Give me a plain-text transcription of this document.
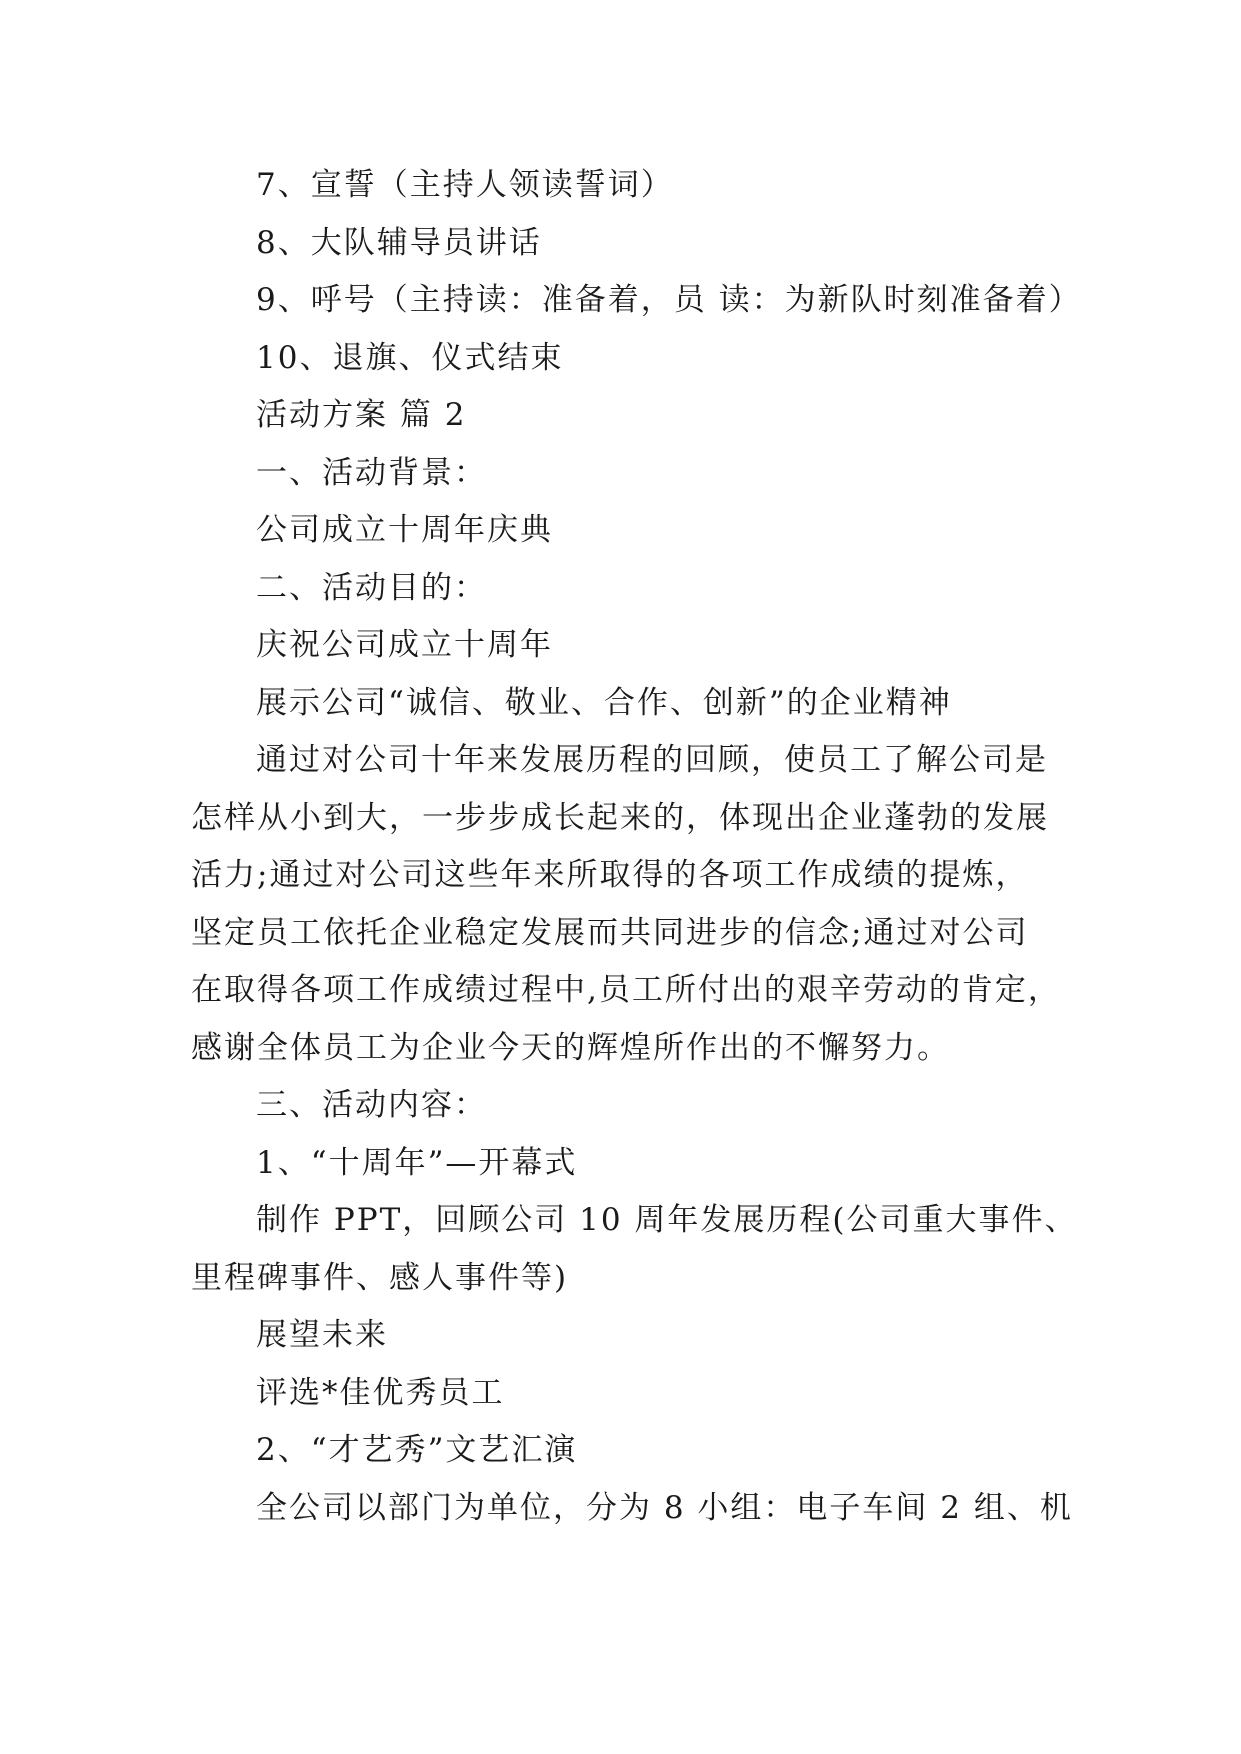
7、宣誓（主持人领读誓词）
8、大队辅导员讲话
9、呼号（主持读：准备着，员 读：为新队时刻准备着）
10、退旗、仪式结束
活动方案 篇 2
一、活动背景：
公司成立十周年庆典
二、活动目的：
庆祝公司成立十周年
展示公司“诚信、敬业、合作、创新”的企业精神
通过对公司十年来发展历程的回顾，使员工了解公司是
怎样从小到大，一步步成长起来的，体现出企业蓬勃的发展
活力;通过对公司这些年来所取得的各项工作成绩的提炼，
坚定员工依托企业稳定发展而共同进步的信念;通过对公司
在取得各项工作成绩过程中,员工所付出的艰辛劳动的肯定，
感谢全体员工为企业今天的辉煌所作出的不懈努力。
三、活动内容：
1、“十周年”—开幕式
制作 PPT，回顾公司 10 周年发展历程(公司重大事件、
里程碑事件、感人事件等)
展望未来
评选*佳优秀员工
2、“才艺秀”文艺汇演
全公司以部门为单位，分为 8 小组：电子车间 2 组、机
